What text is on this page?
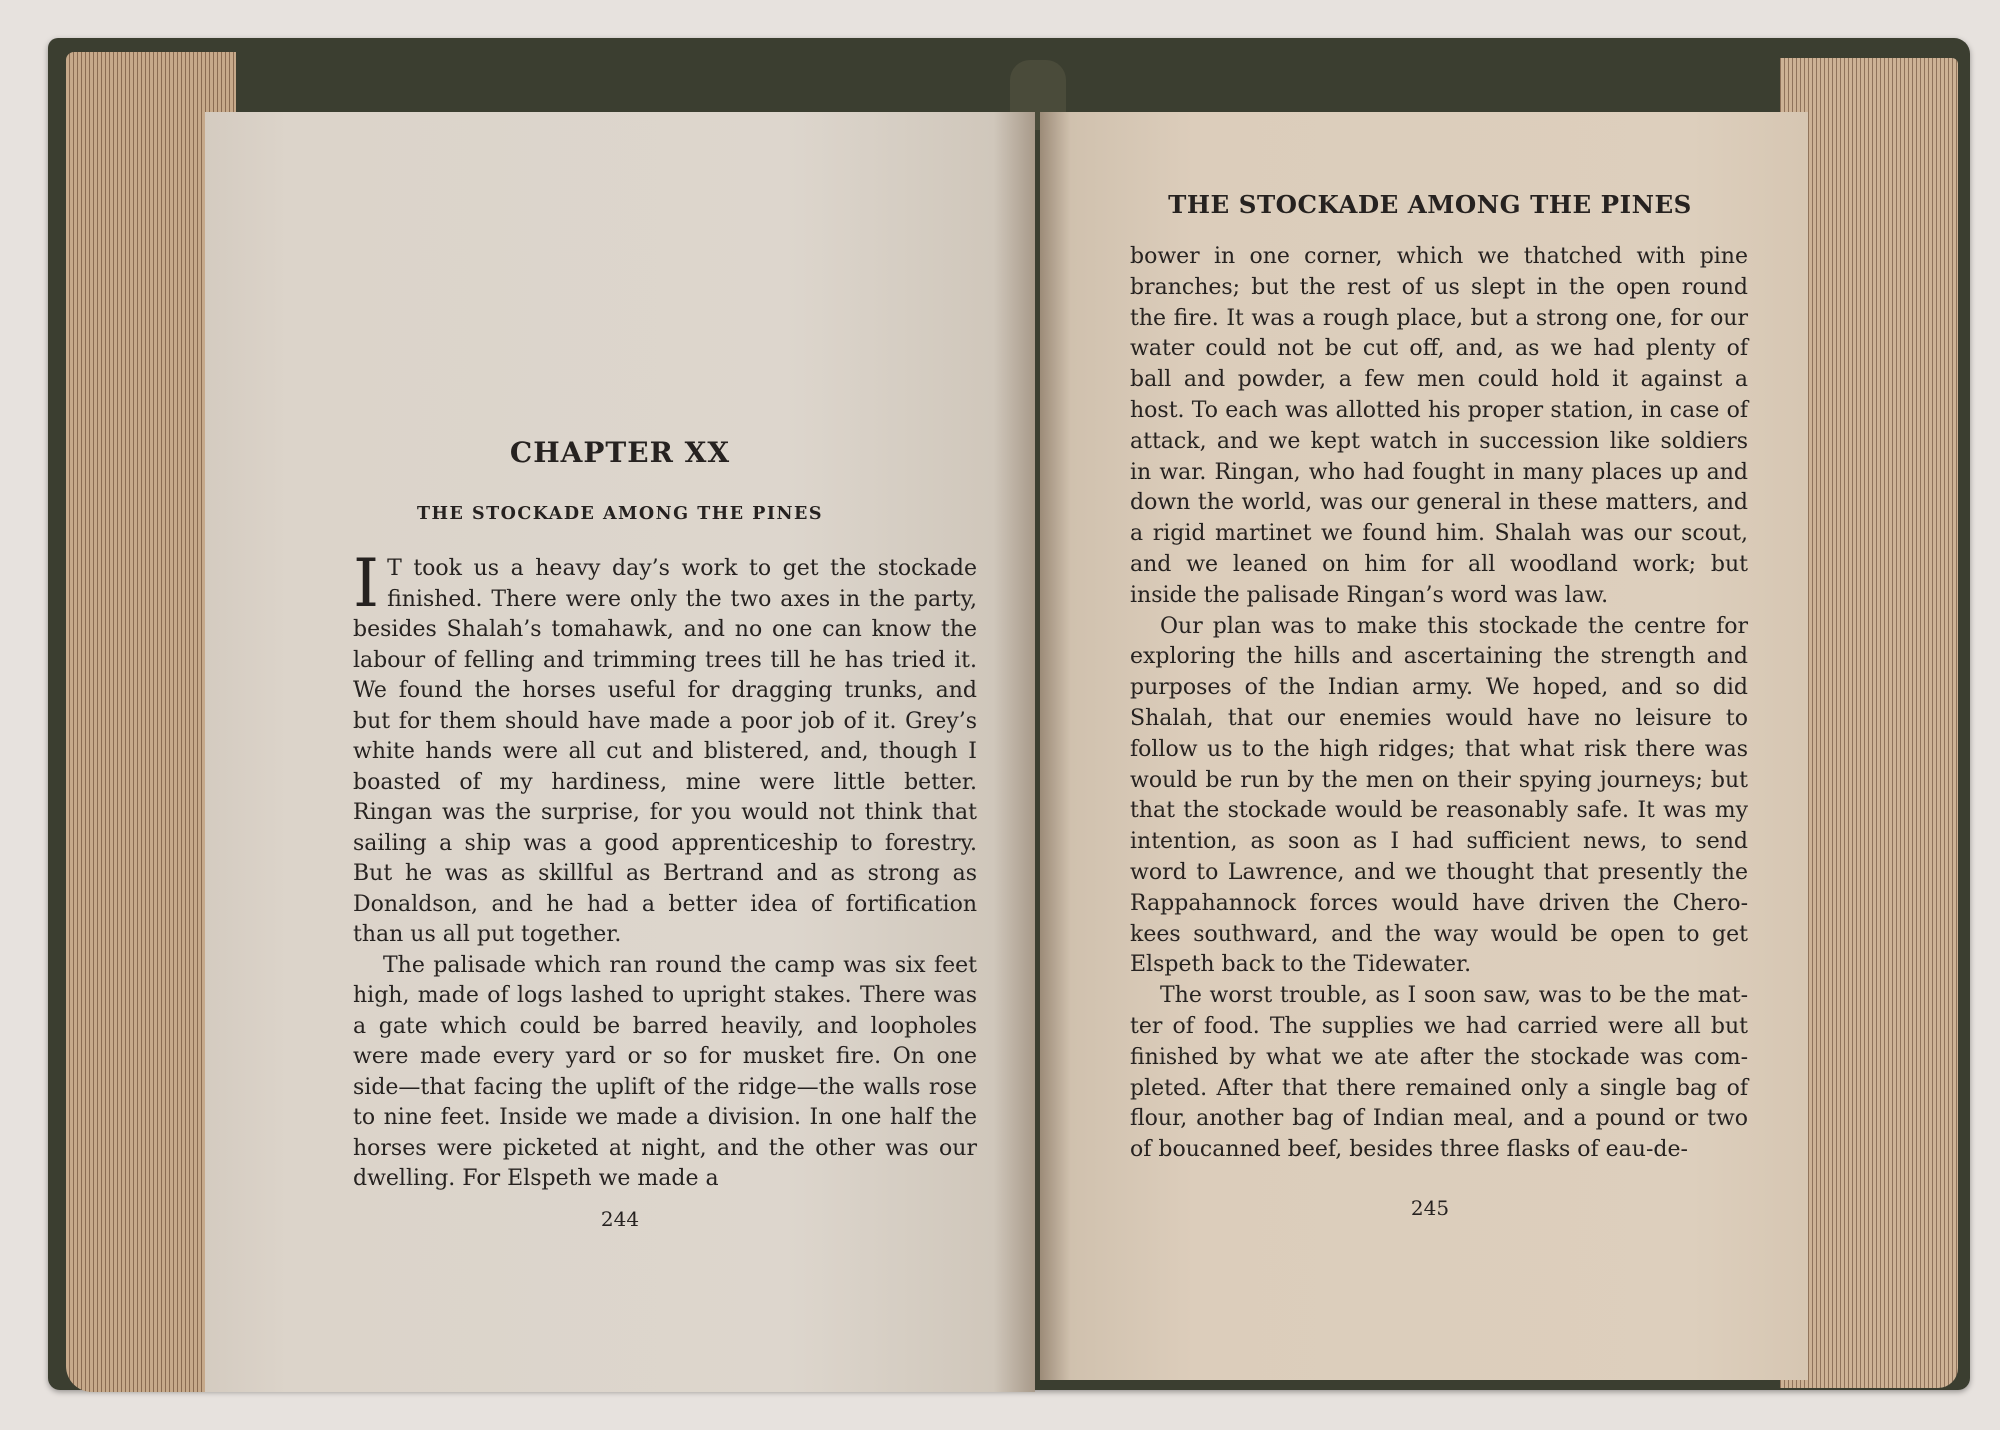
CHAPTER XX
THE STOCKADE AMONG THE PINES

I T took us a heavy day’s work to get the stockade finished. There were only the two axes in the party, besides Shalah’s tomahawk, and no one can know the labour of felling and trimming trees till he has tried it. We found the horses useful for dragging trunks, and but for them should have made a poor job of it. Grey’s white hands were all cut and blistered, and, though I boasted of my hardiness, mine were little better. Ringan was the surprise, for you would not think that sailing a ship was a good apprenticeship to forestry. But he was as skillful as Bertrand and as strong as Donaldson, and he had a better idea of fortification than us all put together.

The palisade which ran round the camp was six feet high, made of logs lashed to upright stakes. There was a gate which could be barred heavily, and loopholes were made every yard or so for musket fire. On one side—that facing the uplift of the ridge—the walls rose to nine feet. Inside we made a division. In one half the horses were picketed at night, and the other was our dwelling. For Elspeth we made a

244

THE STOCKADE AMONG THE PINES

bower in one corner, which we thatched with pine branches; but the rest of us slept in the open round the fire. It was a rough place, but a strong one, for our water could not be cut off, and, as we had plenty of ball and powder, a few men could hold it against a host. To each was allotted his proper station, in case of attack, and we kept watch in succession like soldiers in war. Ringan, who had fought in many places up and down the world, was our general in these matters, and a rigid martinet we found him. Shalah was our scout, and we leaned on him for all woodland work; but inside the palisade Ringan’s word was law.

Our plan was to make this stockade the centre for exploring the hills and ascertaining the strength and purposes of the Indian army. We hoped, and so did Shalah, that our enemies would have no leisure to follow us to the high ridges; that what risk there was would be run by the men on their spying journeys; but that the stockade would be reasonably safe. It was my intention, as soon as I had sufficient news, to send word to Lawrence, and we thought that presently the Rappahannock forces would have driven the Cherokees southward, and the way would be open to get Elspeth back to the Tidewater.

The worst trouble, as I soon saw, was to be the matter of food. The supplies we had carried were all but finished by what we ate after the stockade was completed. After that there remained only a single bag of flour, another bag of Indian meal, and a pound or two of boucanned beef, besides three flasks of eau-de-

245
